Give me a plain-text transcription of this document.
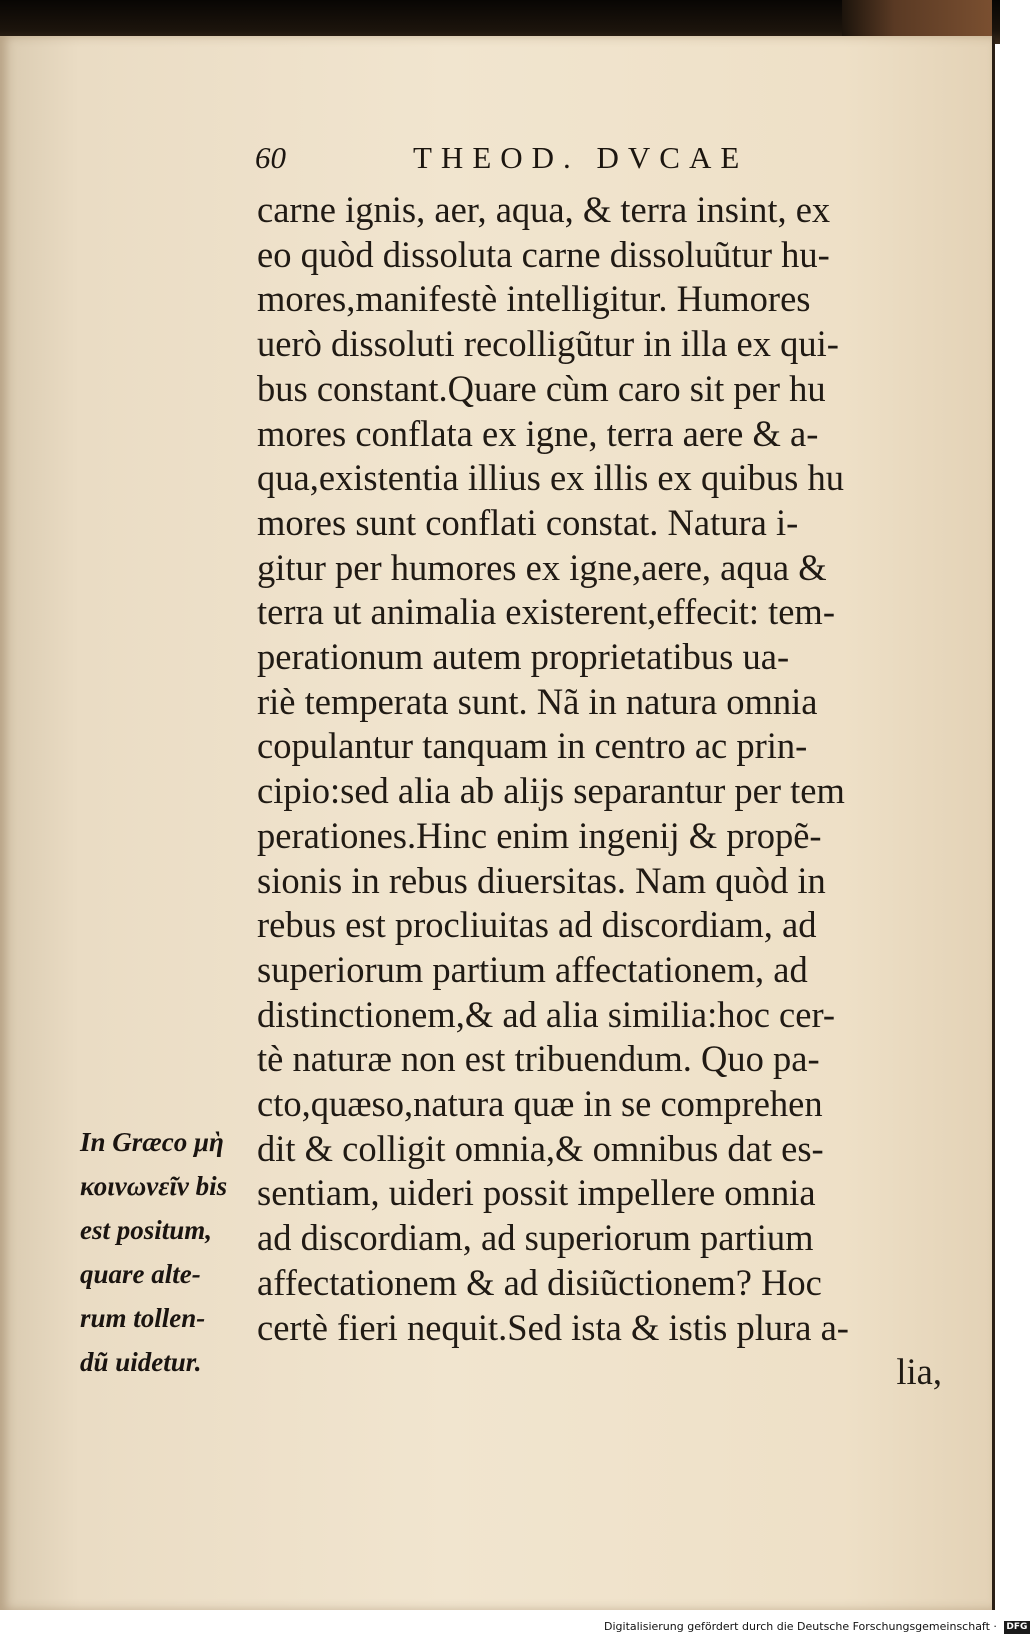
60	THEOD. DVCAE
carne ignis, aer, aqua, & terra insint, ex
eo quòd dissoluta carne dissoluũtur hu-
mores,manifestè intelligitur. Humores
uerò dissoluti recolligũtur in illa ex qui-
bus constant.Quare cùm caro sit per hu
mores conflata ex igne, terra aere & a-
qua,existentia illius ex illis ex quibus hu
mores sunt conflati constat. Natura i-
gitur per humores ex igne,aere, aqua &
terra ut animalia existerent,effecit: tem-
perationum autem proprietatibus ua-
riè temperata sunt. Nã in natura omnia
copulantur tanquam in centro ac prin-
cipio:sed alia ab alijs separantur per tem
perationes.Hinc enim ingenij & propẽ-
sionis in rebus diuersitas. Nam quòd in
rebus est procliuitas ad discordiam, ad
superiorum partium affectationem, ad
distinctionem,& ad alia similia:hoc cer-
tè naturæ non est tribuendum. Quo pa-
cto,quæso,natura quæ in se comprehen
dit & colligit omnia,& omnibus dat es-
sentiam, uideri possit impellere omnia
ad discordiam, ad superiorum partium
affectationem & ad disiũctionem? Hoc
certè fieri nequit.Sed ista & istis plura a-
lia,
In Græco μὴ
κοινωνεῖν bis
est positum,
quare alte-
rum tollen-
dũ uidetur.
Digitalisierung gefördert durch die Deutsche Forschungsgemeinschaft · DFG
